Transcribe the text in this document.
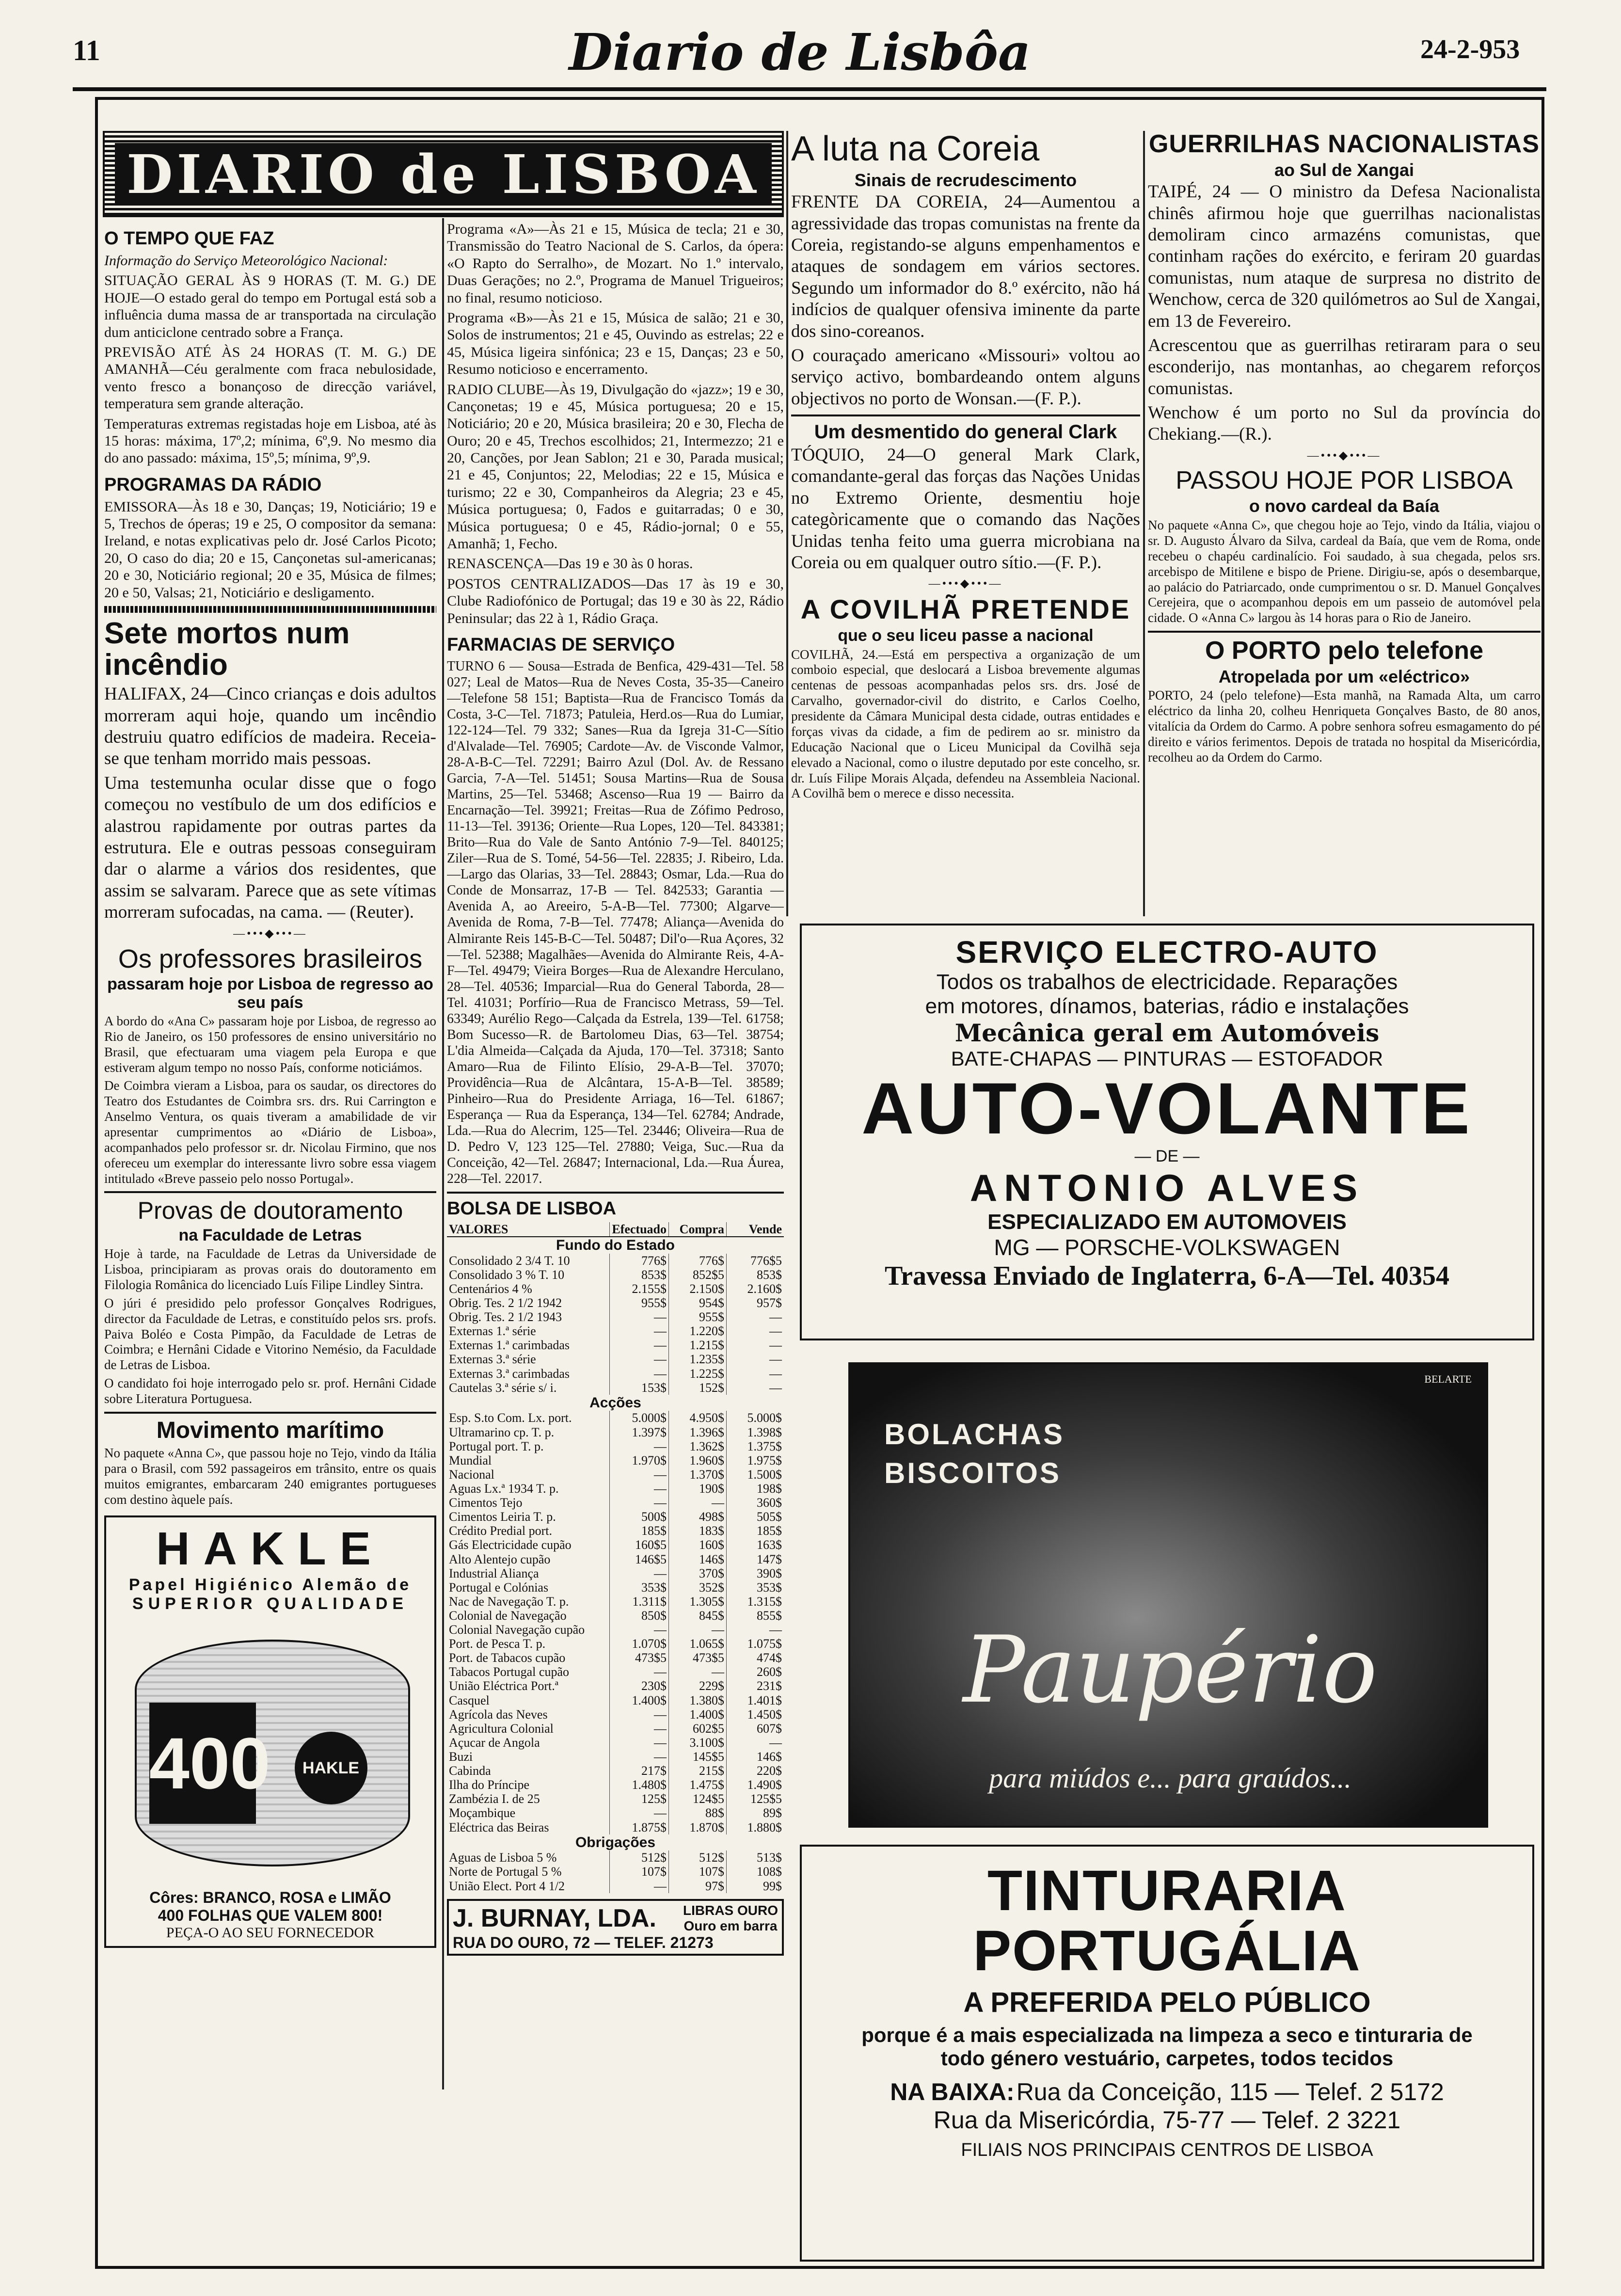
11	Diario de Lisbôa	24-2-953
DIARIO de LISBOA
O TEMPO QUE FAZ
Informação do Serviço Meteorológico Nacional:

SITUAÇÃO GERAL ÀS 9 HORAS (T. M. G.) DE HOJE—O estado geral do tempo em Portugal está sob a influência duma massa de ar transportada na circulação dum anticiclone centrado sobre a França.

PREVISÃO ATÉ ÀS 24 HORAS (T. M. G.) DE AMANHÃ—Céu geralmente com fraca nebulosidade, vento fresco a bonançoso de direcção variável, temperatura sem grande alteração.

Temperaturas extremas registadas hoje em Lisboa, até às 15 horas: máxima, 17º,2; mínima, 6º,9. No mesmo dia do ano passado: máxima, 15º,5; mínima, 9º,9.

PROGRAMAS DA RÁDIO

EMISSORA—Às 18 e 30, Danças; 19, Noticiário; 19 e 5, Trechos de óperas; 19 e 25, O compositor da semana: Ireland, e notas explicativas pelo dr. José Carlos Picoto; 20, O caso do dia; 20 e 15, Cançonetas sul-americanas; 20 e 30, Noticiário regional; 20 e 35, Música de filmes; 20 e 50, Valsas; 21, Noticiário e desligamento.

Sete mortos num incêndio

HALIFAX, 24—Cinco crianças e dois adultos morreram aqui hoje, quando um incêndio destruiu quatro edifícios de madeira. Receia-se que tenham morrido mais pessoas.

Uma testemunha ocular disse que o fogo começou no vestíbulo de um dos edifícios e alastrou rapidamente por outras partes da estrutura. Ele e outras pessoas conseguiram dar o alarme a vários dos residentes, que assim se salvaram. Parece que as sete vítimas morreram sufocadas, na cama. — (Reuter).

—•••◆•••—
Os professores brasileiros
passaram hoje por Lisboa de regresso ao seu país

A bordo do «Ana C» passaram hoje por Lisboa, de regresso ao Rio de Janeiro, os 150 professores de ensino universitário no Brasil, que efectuaram uma viagem pela Europa e que estiveram algum tempo no nosso País, conforme noticiámos.

De Coimbra vieram a Lisboa, para os saudar, os directores do Teatro dos Estudantes de Coimbra srs. drs. Rui Carrington e Anselmo Ventura, os quais tiveram a amabilidade de vir apresentar cumprimentos ao «Diário de Lisboa», acompanhados pelo professor sr. dr. Nicolau Firmino, que nos ofereceu um exemplar do interessante livro sobre essa viagem intitulado «Breve passeio pelo nosso Portugal».

Provas de doutoramento
na Faculdade de Letras

Hoje à tarde, na Faculdade de Letras da Universidade de Lisboa, principiaram as provas orais do doutoramento em Filologia Românica do licenciado Luís Filipe Lindley Sintra.

O júri é presidido pelo professor Gonçalves Rodrigues, director da Faculdade de Letras, e constituído pelos srs. profs. Paiva Boléo e Costa Pimpão, da Faculdade de Letras de Coimbra; e Hernâni Cidade e Vitorino Nemésio, da Faculdade de Letras de Lisboa.

O candidato foi hoje interrogado pelo sr. prof. Hernâni Cidade sobre Literatura Portuguesa.

Movimento marítimo

No paquete «Anna C», que passou hoje no Tejo, vindo da Itália para o Brasil, com 592 passageiros em trânsito, entre os quais muitos emigrantes, embarcaram 240 emigrantes portugueses com destino àquele país.

HAKLE
Papel Higiénico Alemão de
SUPERIOR QUALIDADE
400	HAKLE
Côres: BRANCO, ROSA e LIMÃO
400 FOLHAS QUE VALEM 800!
PEÇA-O AO SEU FORNECEDOR

Programa «A»—Às 21 e 15, Música de tecla; 21 e 30, Transmissão do Teatro Nacional de S. Carlos, da ópera: «O Rapto do Serralho», de Mozart. No 1.º intervalo, Duas Gerações; no 2.º, Programa de Manuel Trigueiros; no final, resumo noticioso.

Programa «B»—Às 21 e 15, Música de salão; 21 e 30, Solos de instrumentos; 21 e 45, Ouvindo as estrelas; 22 e 45, Música ligeira sinfónica; 23 e 15, Danças; 23 e 50, Resumo noticioso e encerramento.

RADIO CLUBE—Às 19, Divulgação do «jazz»; 19 e 30, Cançonetas; 19 e 45, Música portuguesa; 20 e 15, Noticiário; 20 e 20, Música brasileira; 20 e 30, Flecha de Ouro; 20 e 45, Trechos escolhidos; 21, Intermezzo; 21 e 20, Canções, por Jean Sablon; 21 e 30, Parada musical; 21 e 45, Conjuntos; 22, Melodias; 22 e 15, Música e turismo; 22 e 30, Companheiros da Alegria; 23 e 45, Música portuguesa; 0, Fados e guitarradas; 0 e 30, Música portuguesa; 0 e 45, Rádio-jornal; 0 e 55, Amanhã; 1, Fecho.

RENASCENÇA—Das 19 e 30 às 0 horas.

POSTOS CENTRALIZADOS—Das 17 às 19 e 30, Clube Radiofónico de Portugal; das 19 e 30 às 22, Rádio Peninsular; das 22 à 1, Rádio Graça.

FARMACIAS DE SERVIÇO

TURNO 6 — Sousa—Estrada de Benfica, 429-431—Tel. 58 027; Leal de Matos—Rua de Neves Costa, 35-35—Caneiro—Telefone 58 151; Baptista—Rua de Francisco Tomás da Costa, 3-C—Tel. 71873; Patuleia, Herd.os—Rua do Lumiar, 122-124—Tel. 79 332; Sanes—Rua da Igreja 31-C—Sítio d'Alvalade—Tel. 76905; Cardote—Av. de Visconde Valmor, 28-A-B-C—Tel. 72291; Bairro Azul (Dol. Av. de Ressano Garcia, 7-A—Tel. 51451; Sousa Martins—Rua de Sousa Martins, 25—Tel. 53468; Ascenso—Rua 19 — Bairro da Encarnação—Tel. 39921; Freitas—Rua de Zófimo Pedroso, 11-13—Tel. 39136; Oriente—Rua Lopes, 120—Tel. 843381; Brito—Rua do Vale de Santo António 7-9—Tel. 840125; Ziler—Rua de S. Tomé, 54-56—Tel. 22835; J. Ribeiro, Lda.—Largo das Olarias, 33—Tel. 28843; Osmar, Lda.—Rua do Conde de Monsarraz, 17-B — Tel. 842533; Garantia — Avenida A, ao Areeiro, 5-A-B—Tel. 77300; Algarve—Avenida de Roma, 7-B—Tel. 77478; Aliança—Avenida do Almirante Reis 145-B-C—Tel. 50487; Dil'o—Rua Açores, 32—Tel. 52388; Magalhães—Avenida do Almirante Reis, 4-A-F—Tel. 49479; Vieira Borges—Rua de Alexandre Herculano, 28—Tel. 40536; Imparcial—Rua do General Taborda, 28—Tel. 41031; Porfírio—Rua de Francisco Metrass, 59—Tel. 63349; Aurélio Rego—Calçada da Estrela, 139—Tel. 61758; Bom Sucesso—R. de Bartolomeu Dias, 63—Tel. 38754; L'dia Almeida—Calçada da Ajuda, 170—Tel. 37318; Santo Amaro—Rua de Filinto Elísio, 29-A-B—Tel. 37070; Providência—Rua de Alcântara, 15-A-B—Tel. 38589; Pinheiro—Rua do Presidente Arriaga, 16—Tel. 61867; Esperança — Rua da Esperança, 134—Tel. 62784; Andrade, Lda.—Rua do Alecrim, 125—Tel. 23446; Oliveira—Rua de D. Pedro V, 123 125—Tel. 27880; Veiga, Suc.—Rua da Conceição, 42—Tel. 26847; Internacional, Lda.—Rua Áurea, 228—Tel. 22017.

BOLSA DE LISBOA
VALORES	Efectuado	Compra	Vende
Fundo do Estado			
Consolidado 2 3/4 T. 10	776$	776$	776$5
Consolidado 3 % T. 10	853$	852$5	853$
Centenários 4 %	2.155$	2.150$	2.160$
Obrig. Tes. 2 1/2 1942	955$	954$	957$
Obrig. Tes. 2 1/2 1943	—	955$	—
Externas 1.ª série	—	1.220$	—
Externas 1.ª carimbadas	—	1.215$	—
Externas 3.ª série	—	1.235$	—
Externas 3.ª carimbadas	—	1.225$	—
Cautelas 3.ª série s/ i.	153$	152$	—
Acções			
Esp. S.to Com. Lx. port.	5.000$	4.950$	5.000$
Ultramarino cp. T. p.	1.397$	1.396$	1.398$
Portugal port. T. p.	—	1.362$	1.375$
Mundial	1.970$	1.960$	1.975$
Nacional	—	1.370$	1.500$
Aguas Lx.ª 1934 T. p.	—	190$	198$
Cimentos Tejo	—	—	360$
Cimentos Leiria T. p.	500$	498$	505$
Crédito Predial port.	185$	183$	185$
Gás Electricidade cupão	160$5	160$	163$
Alto Alentejo cupão	146$5	146$	147$
Industrial Aliança	—	370$	390$
Portugal e Colónias	353$	352$	353$
Nac de Navegação T. p.	1.311$	1.305$	1.315$
Colonial de Navegação	850$	845$	855$
Colonial Navegação cupão	—	—	—
Port. de Pesca T. p.	1.070$	1.065$	1.075$
Port. de Tabacos cupão	473$5	473$5	474$
Tabacos Portugal cupão	—	—	260$
União Eléctrica Port.ª	230$	229$	231$
Casquel	1.400$	1.380$	1.401$
Agrícola das Neves	—	1.400$	1.450$
Agricultura Colonial	—	602$5	607$
Açucar de Angola	—	3.100$	—
Buzi	—	145$5	146$
Cabinda	217$	215$	220$
Ilha do Príncipe	1.480$	1.475$	1.490$
Zambézia I. de 25	125$	124$5	125$5
Moçambique	—	88$	89$
Eléctrica das Beiras	1.875$	1.870$	1.880$
Obrigações			
Aguas de Lisboa 5 %	512$	512$	513$
Norte de Portugal 5 %	107$	107$	108$
União Elect. Port 4 1/2	—	97$	99$
J. BURNAY, LDA. LIBRAS OURO
Ouro em barra
RUA DO OURO, 72 — TELEF. 21273
A luta na Coreia
Sinais de recrudescimento

FRENTE DA COREIA, 24—Aumentou a agressividade das tropas comunistas na frente da Coreia, registando-se alguns empenhamentos e ataques de sondagem em vários sectores. Segundo um informador do 8.º exército, não há indícios de qualquer ofensiva iminente da parte dos sino-coreanos.

O couraçado americano «Missouri» voltou ao serviço activo, bombardeando ontem alguns objectivos no porto de Wonsan.—(F. P.).

Um desmentido do general Clark

TÓQUIO, 24—O general Mark Clark, comandante-geral das forças das Nações Unidas no Extremo Oriente, desmentiu hoje categòricamente que o comando das Nações Unidas tenha feito uma guerra microbiana na Coreia ou em qualquer outro sítio.—(F. P.).

—•••◆•••—
A COVILHÃ PRETENDE
que o seu liceu passe a nacional

COVILHÃ, 24.—Está em perspectiva a organização de um comboio especial, que deslocará a Lisboa brevemente algumas centenas de pessoas acompanhadas pelos srs. drs. José de Carvalho, governador-civil do distrito, e Carlos Coelho, presidente da Câmara Municipal desta cidade, outras entidades e forças vivas da cidade, a fim de pedirem ao sr. ministro da Educação Nacional que o Liceu Municipal da Covilhã seja elevado a Nacional, como o ilustre deputado por este concelho, sr. dr. Luís Filipe Morais Alçada, defendeu na Assembleia Nacional. A Covilhã bem o merece e disso necessita.

GUERRILHAS NACIONALISTAS
ao Sul de Xangai

TAIPÉ, 24 — O ministro da Defesa Nacionalista chinês afirmou hoje que guerrilhas nacionalistas demoliram cinco armazéns comunistas, que continham rações do exército, e feriram 20 guardas comunistas, num ataque de surpresa no distrito de Wenchow, cerca de 320 quilómetros ao Sul de Xangai, em 13 de Fevereiro.

Acrescentou que as guerrilhas retiraram para o seu esconderijo, nas montanhas, ao chegarem reforços comunistas.

Wenchow é um porto no Sul da província do Chekiang.—(R.).

—•••◆•••—
PASSOU HOJE POR LISBOA
o novo cardeal da Baía

No paquete «Anna C», que chegou hoje ao Tejo, vindo da Itália, viajou o sr. D. Augusto Álvaro da Silva, cardeal da Baía, que vem de Roma, onde recebeu o chapéu cardinalício. Foi saudado, à sua chegada, pelos srs. arcebispo de Mitilene e bispo de Priene. Dirigiu-se, após o desembarque, ao palácio do Patriarcado, onde cumprimentou o sr. D. Manuel Gonçalves Cerejeira, que o acompanhou depois em um passeio de automóvel pela cidade. O «Anna C» largou às 14 horas para o Rio de Janeiro.

O PORTO pelo telefone
Atropelada por um «eléctrico»

PORTO, 24 (pelo telefone)—Esta manhã, na Ramada Alta, um carro eléctrico da linha 20, colheu Henriqueta Gonçalves Basto, de 80 anos, vitalícia da Ordem do Carmo. A pobre senhora sofreu esmagamento do pé direito e vários ferimentos. Depois de tratada no hospital da Misericórdia, recolheu ao da Ordem do Carmo.

SERVIÇO ELECTRO-AUTO
Todos os trabalhos de electricidade. Reparações
em motores, dínamos, baterias, rádio e instalações
Mecânica geral em Automóveis
BATE-CHAPAS — PINTURAS — ESTOFADOR
AUTO-VOLANTE
— DE —
ANTONIO ALVES
ESPECIALIZADO EM AUTOMOVEIS
MG — PORSCHE-VOLKSWAGEN
Travessa Enviado de Inglaterra, 6-A—Tel. 40354
BELARTE
BOLACHAS
BISCOITOS
Paupério
para miúdos e... para graúdos...
TINTURARIA PORTUGÁLIA
A PREFERIDA PELO PÚBLICO
porque é a mais especializada na limpeza a seco e tinturaria de todo género vestuário, carpetes, todos tecidos
NA BAIXA: Rua da Conceição, 115 — Telef. 2 5172
Rua da Misericórdia, 75-77 — Telef. 2 3221
FILIAIS NOS PRINCIPAIS CENTROS DE LISBOA
